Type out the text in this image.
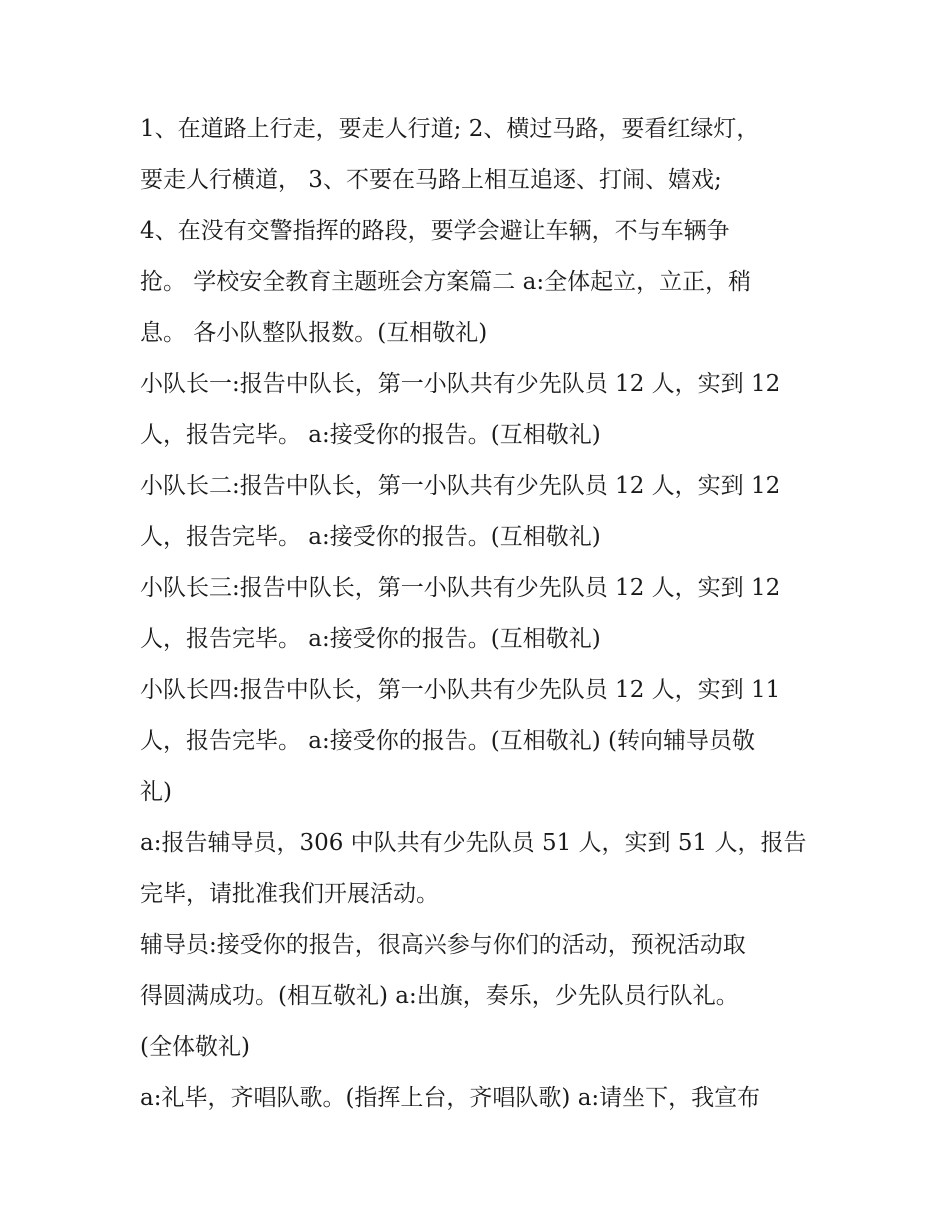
1、在道路上行走，要走人行道; 2、横过马路，要看红绿灯，
要走人行横道， 3、不要在马路上相互追逐、打闹、嬉戏;
4、在没有交警指挥的路段，要学会避让车辆，不与车辆争
抢。 学校安全教育主题班会方案篇二 a:全体起立，立正，稍
息。 各小队整队报数。(互相敬礼)
小队长一:报告中队长，第一小队共有少先队员 12 人，实到 12
人，报告完毕。 a:接受你的报告。(互相敬礼)
小队长二:报告中队长，第一小队共有少先队员 12 人，实到 12
人，报告完毕。 a:接受你的报告。(互相敬礼)
小队长三:报告中队长，第一小队共有少先队员 12 人，实到 12
人，报告完毕。 a:接受你的报告。(互相敬礼)
小队长四:报告中队长，第一小队共有少先队员 12 人，实到 11
人，报告完毕。 a:接受你的报告。(互相敬礼) (转向辅导员敬
礼)
a:报告辅导员，306 中队共有少先队员 51 人，实到 51 人，报告
完毕，请批准我们开展活动。
辅导员:接受你的报告，很高兴参与你们的活动，预祝活动取
得圆满成功。(相互敬礼) a:出旗，奏乐，少先队员行队礼。
(全体敬礼)
a:礼毕，齐唱队歌。(指挥上台，齐唱队歌) a:请坐下，我宣布
